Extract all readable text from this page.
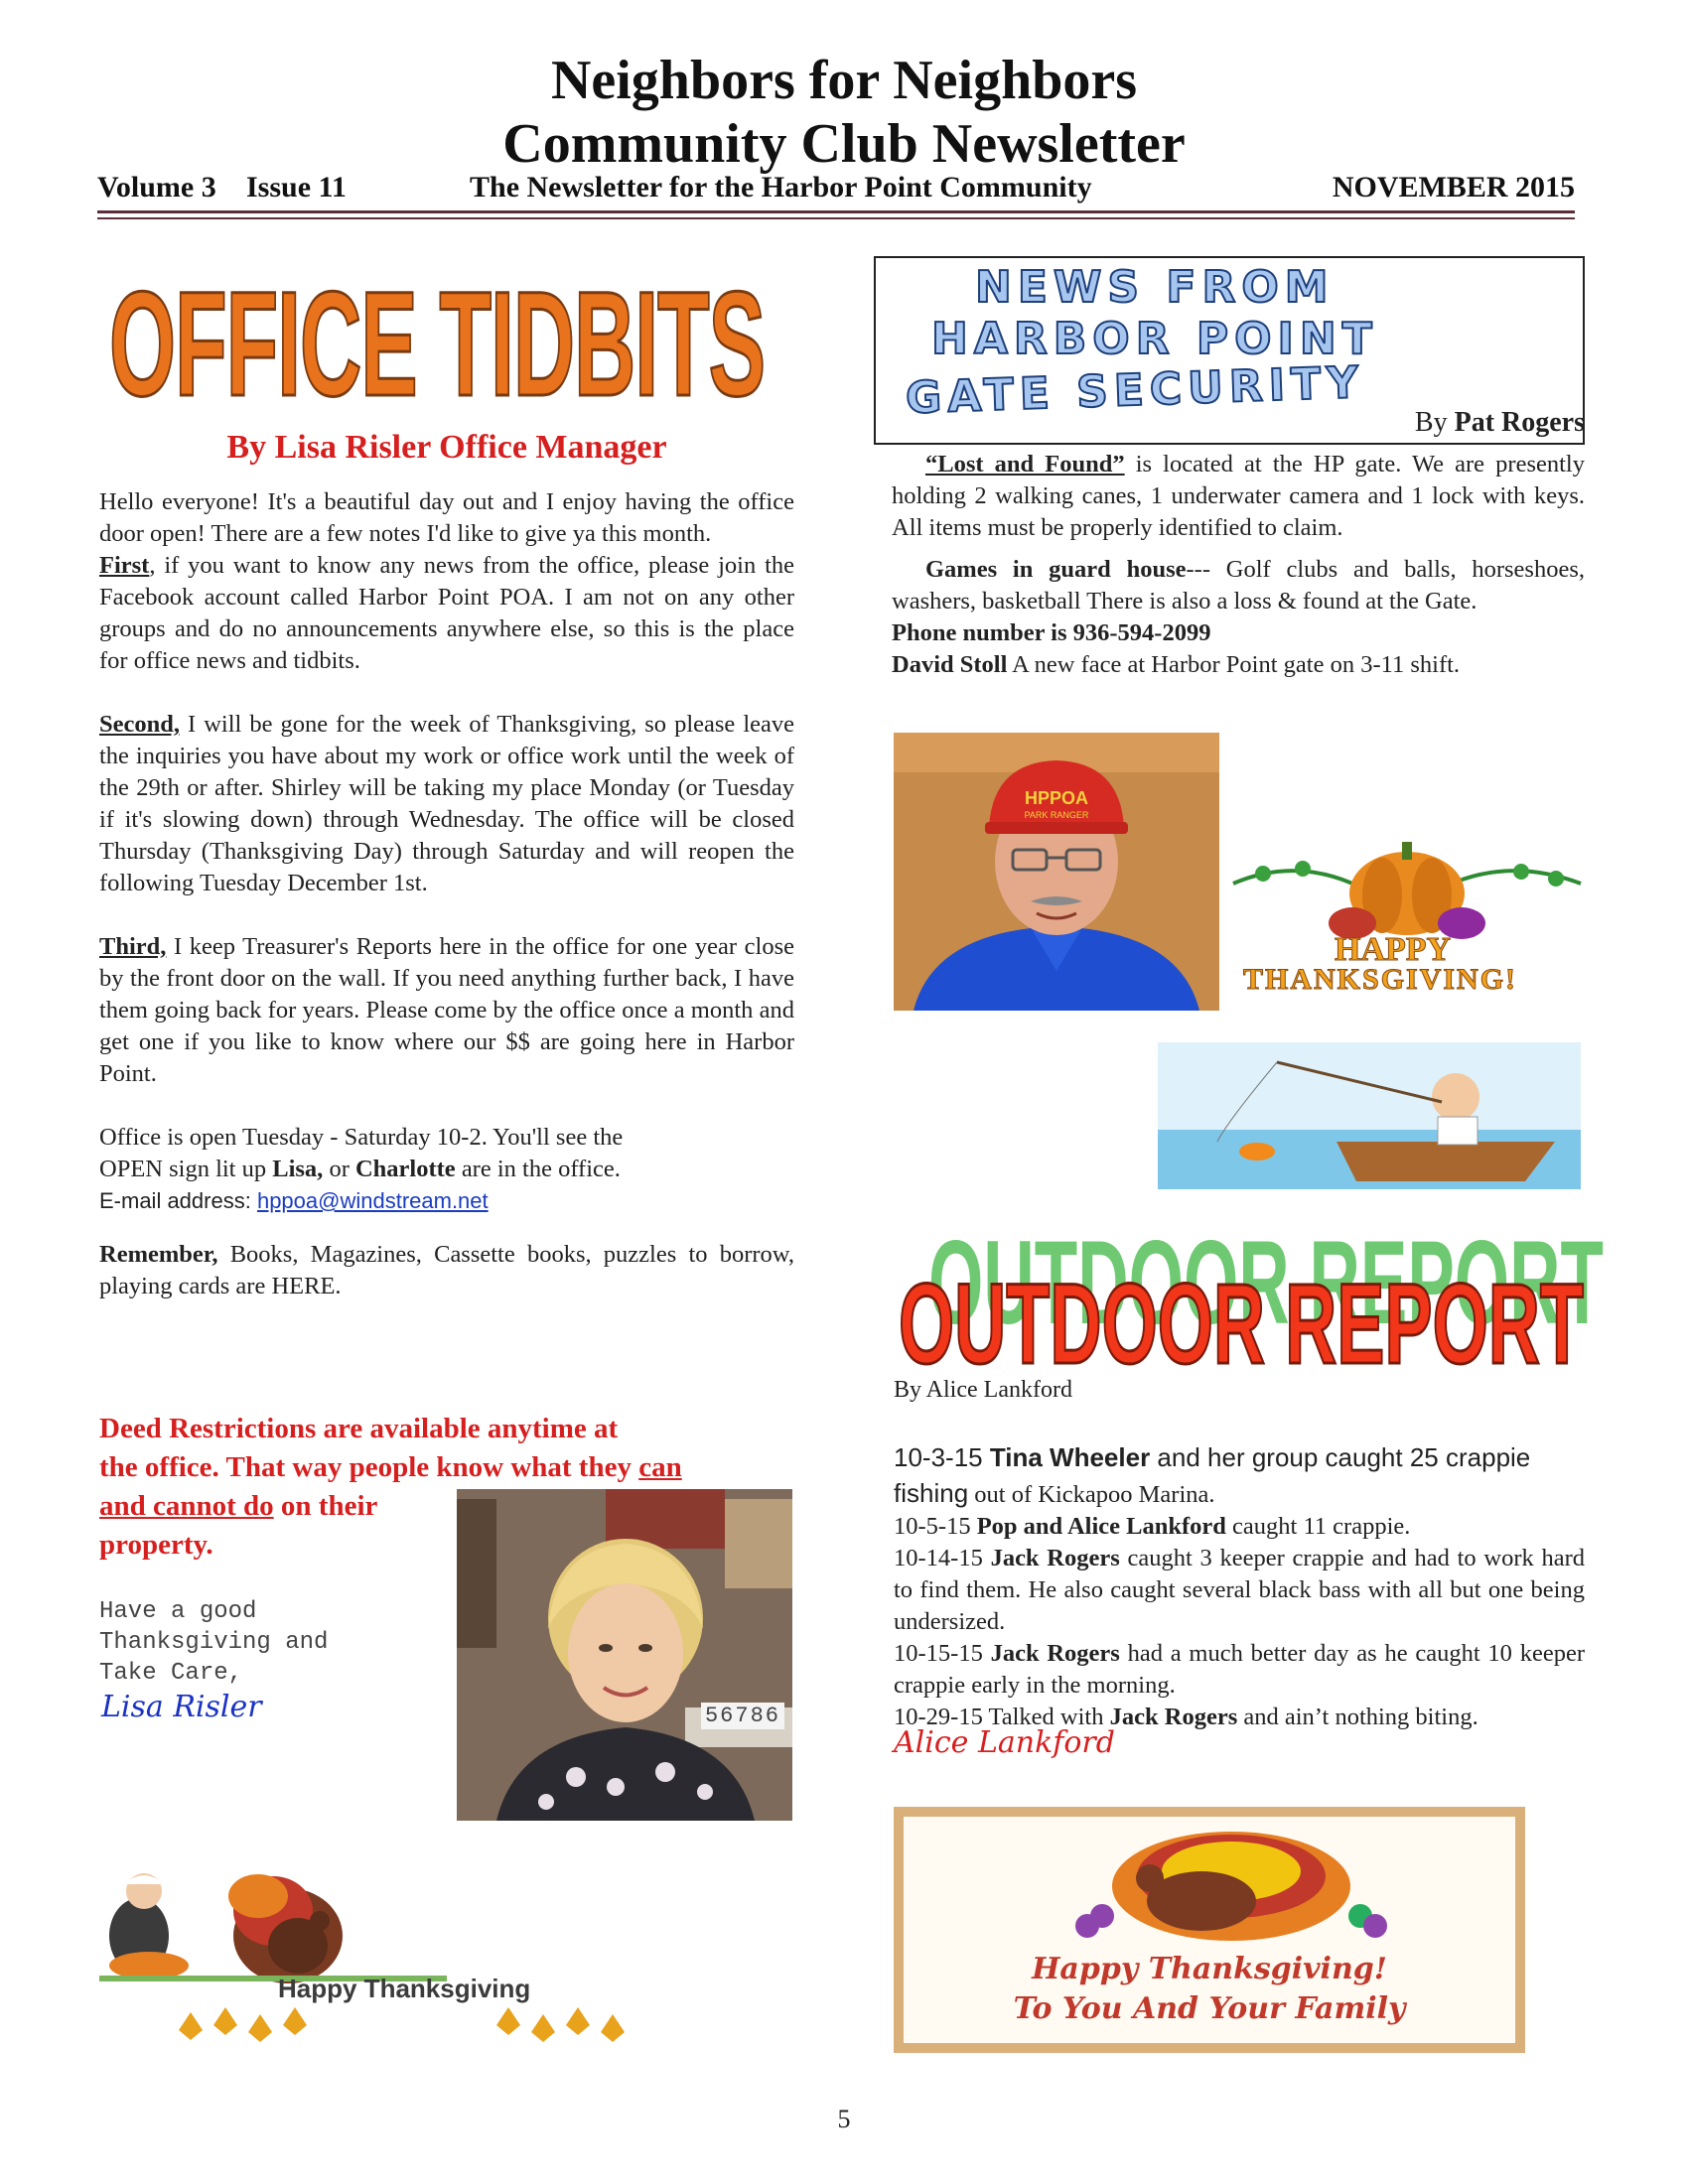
Neighbors for Neighbors
Community Club Newsletter
Volume 3 Issue 11	The Newsletter for the Harbor Point Community	NOVEMBER 2015
OFFICE TIDBITS
By Lisa Risler Office Manager

Hello everyone! It's a beautiful day out and I enjoy having the office door open! There are a few notes I'd like to give ya this month.

First, if you want to know any news from the office, please join the Facebook account called Harbor Point POA. I am not on any other groups and do no announcements anywhere else, so this is the place for office news and tidbits.

Second, I will be gone for the week of Thanksgiving, so please leave the inquiries you have about my work or office work until the week of the 29th or after. Shirley will be taking my place Monday (or Tuesday if it's slowing down) through Wednesday. The office will be closed Thursday (Thanksgiving Day) through Saturday and will reopen the following Tuesday December 1st.

Third, I keep Treasurer's Reports here in the office for one year close by the front door on the wall. If you need anything further back, I have them going back for years. Please come by the office once a month and get one if you like to know where our $$ are going here in Harbor Point.

Office is open Tuesday - Saturday 10-2. You'll see the
OPEN sign lit up Lisa, or Charlotte are in the office.

E-mail address: hppoa@windstream.net

Remember, Books, Magazines, Cassette books, puzzles to borrow, playing cards are HERE.

Deed Restrictions are available anytime at
the office. That way people know what they can
and cannot do on their
property.
Have a good
Thanksgiving and
Take Care,
Lisa Risler	56786
Happy Thanksgiving
NEWS FROM
HARBOR POINT
GATE SECURITY	By Pat Rogers

“Lost and Found” is located at the HP gate. We are presently holding 2 walking canes, 1 underwater camera and 1 lock with keys. All items must be properly identified to claim.

Games in guard house--- Golf clubs and balls, horseshoes, washers, basketball There is also a loss & found at the Gate.

Phone number is 936-594-2099

David Stoll A new face at Harbor Point gate on 3-11 shift.

HPPOA
PARK RANGER
HAPPY
THANKSGIVING!
OUTDOOR REPORT
OUTDOOR REPORT
By Alice Lankford
10-3-15 Tina Wheeler and her group caught 25 crappie
fishing out of Kickapoo Marina.
10-5-15 Pop and Alice Lankford caught 11 crappie.
10-14-15 Jack Rogers caught 3 keeper crappie and had to work hard to find them. He also caught several black bass with all but one being undersized.
10-15-15 Jack Rogers had a much better day as he caught 10 keeper crappie early in the morning.
10-29-15 Talked with Jack Rogers and ain’t nothing biting.
Alice Lankford
Happy Thanksgiving!
To You And Your Family
5
